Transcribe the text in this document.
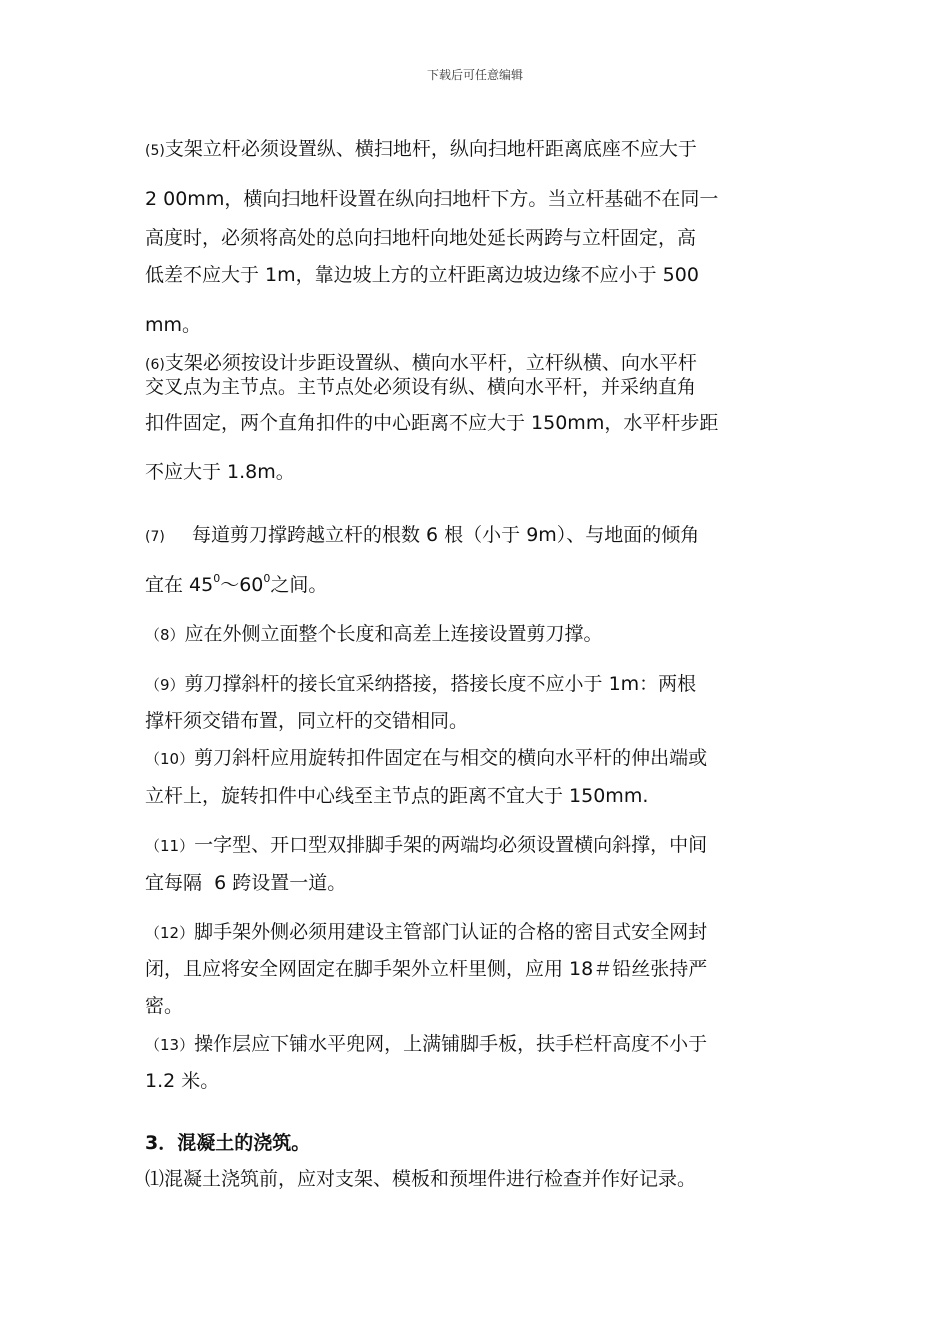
下载后可任意编辑
(5)支架立杆必须设置纵、横扫地杆，纵向扫地杆距离底座不应大于
2 00mm，横向扫地杆设置在纵向扫地杆下方。当立杆基础不在同一
高度时，必须将高处的总向扫地杆向地处延长两跨与立杆固定，高
低差不应大于 1m，靠边坡上方的立杆距离边坡边缘不应小于 500
mm。
(6)支架必须按设计步距设置纵、横向水平杆，立杆纵横、向水平杆
交叉点为主节点。主节点处必须设有纵、横向水平杆，并采纳直角
扣件固定，两个直角扣件的中心距离不应大于 150mm，水平杆步距
不应大于 1.8m。
(7) 每道剪刀撑跨越立杆的根数 6 根（小于 9m）、与地面的倾角
宜在 $45^0\sim 60^0$之间。
（8）应在外侧立面整个长度和高差上连接设置剪刀撑。
（9）剪刀撑斜杆的接长宜采纳搭接，搭接长度不应小于 1m：两根
撑杆须交错布置，同立杆的交错相同。
（10）剪刀斜杆应用旋转扣件固定在与相交的横向水平杆的伸出端或
立杆上，旋转扣件中心线至主节点的距离不宜大于 150mm.
（11）一字型、开口型双排脚手架的两端均必须设置横向斜撑，中间
宜每隔  6 跨设置一道。
（12）脚手架外侧必须用建设主管部门认证的合格的密目式安全网封
闭，且应将安全网固定在脚手架外立杆里侧，应用 18＃铅丝张持严
密。
（13）操作层应下铺水平兜网，上满铺脚手板，扶手栏杆高度不小于
1.2 米。
3．混凝土的浇筑。
⑴混凝土浇筑前，应对支架、模板和预埋件进行检查并作好记录。
